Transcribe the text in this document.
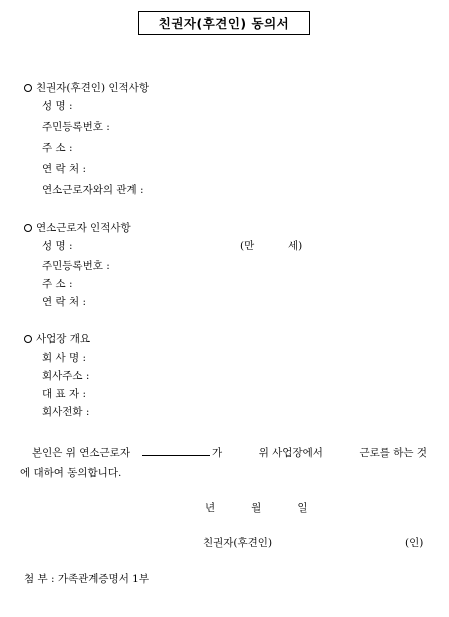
친권자(후견인) 동의서
친권자(후견인) 인적사항
성 명 :
주민등록번호 :
주 소 :
연 락 처 :
연소근로자와의 관계 :
연소근로자 인적사항
성 명 :	(만	세)
주민등록번호 :
주 소 :
연 락 처 :
사업장 개요
회 사 명 :
회사주소 :
대 표 자 :
회사전화 :
본인은 위 연소근로자	가	위 사업장에서	근로를 하는 것
에 대하여 동의합니다.
년	월	일
친권자(후견인)	(인)
첨 부 : 가족관계증명서 1부
